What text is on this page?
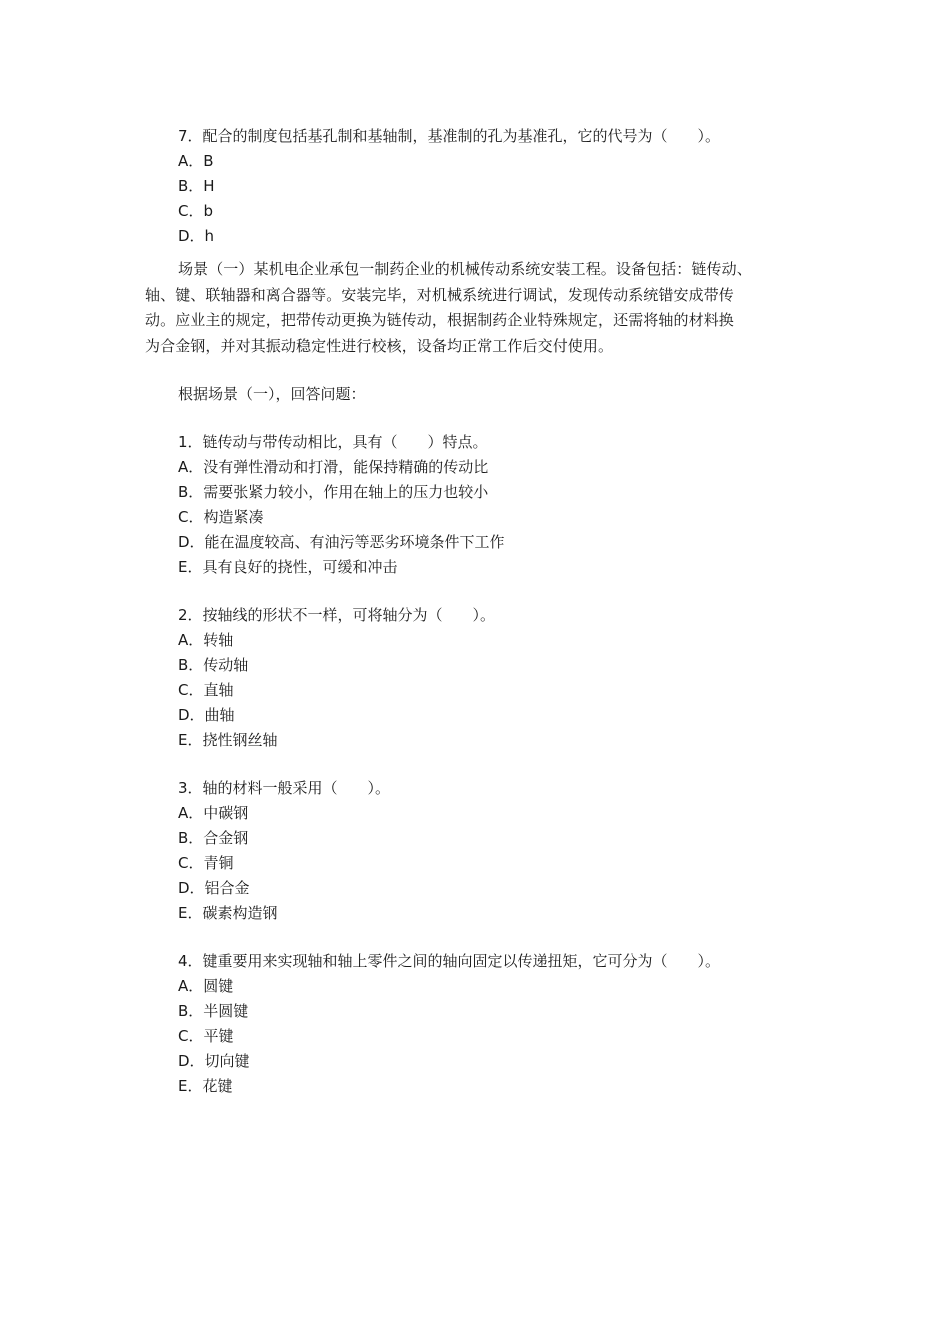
7．配合的制度包括基孔制和基轴制，基准制的孔为基准孔，它的代号为（　　）。
A．B
B．H
C．b
D．h

场景（一）某机电企业承包一制药企业的机械传动系统安装工程。设备包括：链传动、
轴、键、联轴器和离合器等。安装完毕，对机械系统进行调试，发现传动系统错安成带传
动。应业主的规定，把带传动更换为链传动，根据制药企业特殊规定，还需将轴的材料换
为合金钢，并对其振动稳定性进行校核，设备均正常工作后交付使用。

根据场景（一），回答问题：
1．链传动与带传动相比，具有（　　）特点。
A．没有弹性滑动和打滑，能保持精确的传动比
B．需要张紧力较小，作用在轴上的压力也较小
C．构造紧凑
D．能在温度较高、有油污等恶劣环境条件下工作
E．具有良好的挠性，可缓和冲击
2．按轴线的形状不一样，可将轴分为（　　）。
A．转轴
B．传动轴
C．直轴
D．曲轴
E．挠性钢丝轴
3．轴的材料一般采用（　　）。
A．中碳钢
B．合金钢
C．青铜
D．铝合金
E．碳素构造钢
4．键重要用来实现轴和轴上零件之间的轴向固定以传递扭矩，它可分为（　　）。
A．圆键
B．半圆键
C．平键
D．切向键
E．花键
